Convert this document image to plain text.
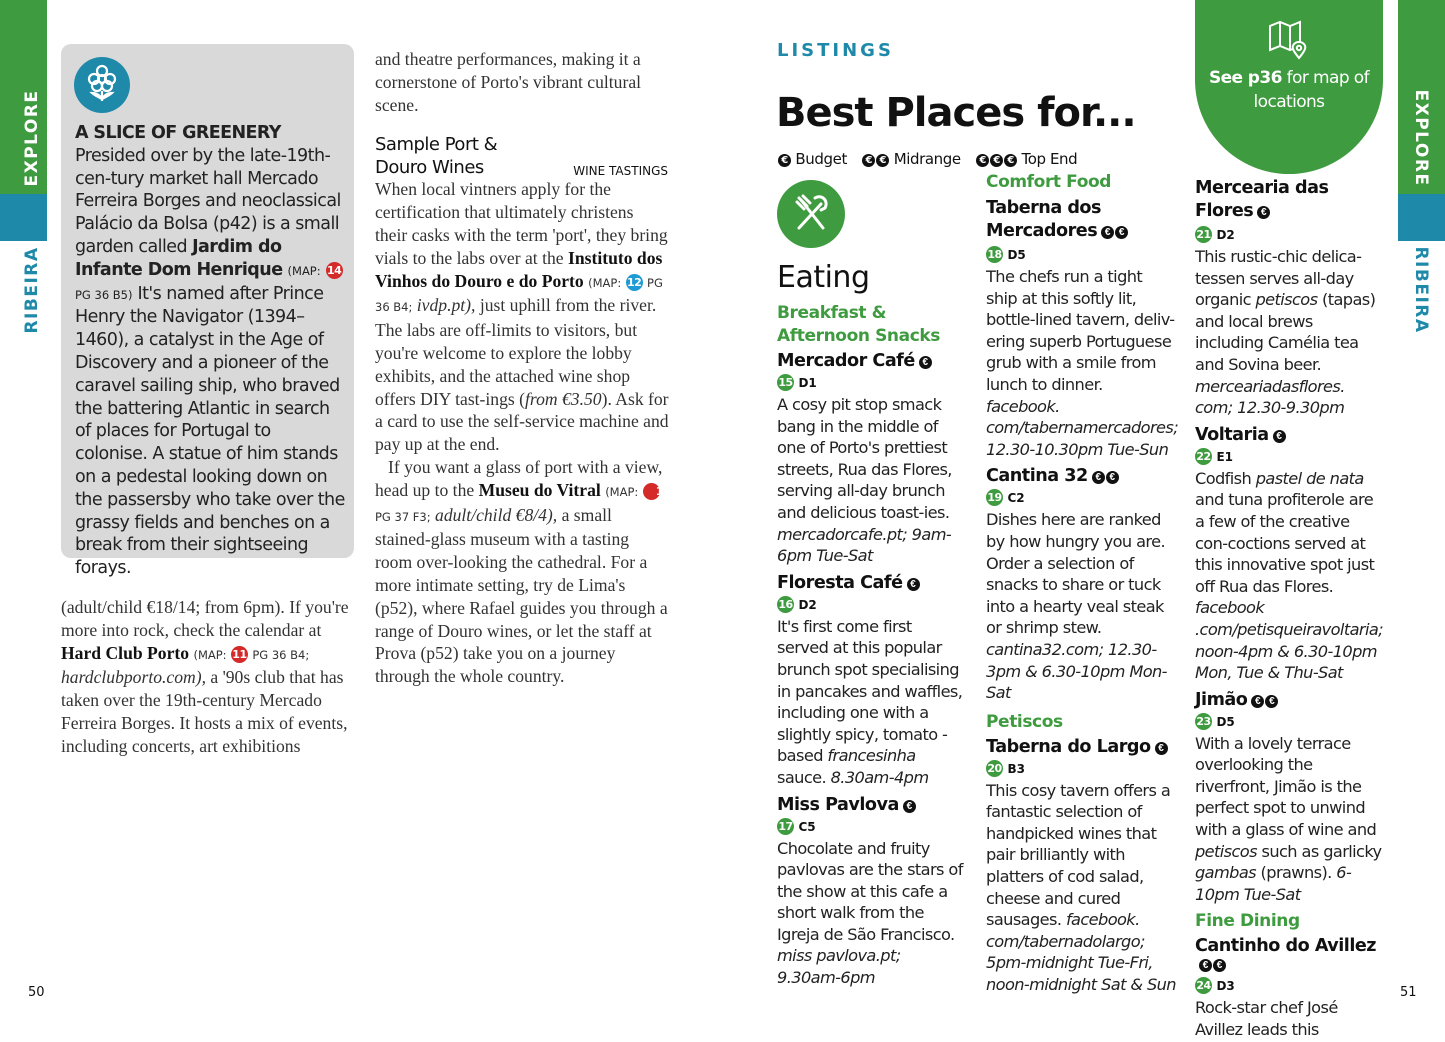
EXPLORE
RIBEIRA
EXPLORE
RIBEIRA
A SLICE OF GREENERY
Presided over by the late-19th-cen-tury market hall Mercado Ferreira Borges and neoclassical Palácio da Bolsa (p42) is a small garden called Jardim do Infante Dom Henrique (MAP: 14 PG 36 B5) It's named after Prince Henry the Navigator (1394–1460), a catalyst in the Age of Discovery and a pioneer of the caravel sailing ship, who braved the battering Atlantic in search of places for Portugal to colonise. A statue of him stands on a pedestal looking down on the passersby who take over the grassy fields and benches on a break from their sightseeing forays.
(adult/child €18/14; from 6pm). If you're more into rock, check the calendar at Hard Club Porto (MAP: 11 PG 36 B4; hardclubporto.com), a '90s club that has taken over the 19th-century Mercado Ferreira Borges. It hosts a mix of events, including concerts, art exhibitions
and theatre performances, making it a cornerstone of Porto's vibrant cultural scene.
Sample Port & Douro Wines	WINE TASTINGS
When local vintners apply for the certification that ultimately christens their casks with the term 'port', they bring vials to the labs over at the Instituto dos Vinhos do Douro e do Porto (MAP: 12 PG 36 B4; ivdp.pt), just uphill from the river. The labs are off-limits to visitors, but you're welcome to explore the lobby exhibits, and the attached wine shop offers DIY tast-ings (from €3.50). Ask for a card to use the self-service machine and pay up at the end.
If you want a glass of port with a view, head up to the Museu do Vitral (MAP: 13 PG 37 F3; adult/child €8/4), a small stained-glass museum with a tasting room over-looking the cathedral. For a more intimate setting, try de Lima's (p52), where Rafael guides you through a range of Douro wines, or let the staff at Prova (p52) take you on a journey through the whole country.
50
LISTINGS
Best Places for...
See p36 for map of locations
€ Budget € € Midrange € € € Top End
Eating
Breakfast & Afternoon Snacks
Mercador Café €
15 D1
A cosy pit stop smack bang in the middle of one of Porto's prettiest streets, Rua das Flores, serving all-day brunch and delicious toast-ies. mercadorcafe.pt; 9am-6pm Tue-Sat
Floresta Café €
16 D2
It's first come first served at this popular brunch spot specialising in pancakes and waffles, including one with a slightly spicy, tomato -based francesinha sauce. 8.30am-4pm
Miss Pavlova €
17 C5
Chocolate and fruity pavlovas are the stars of the show at this cafe a short walk from the Igreja de São Francisco. miss pavlova.pt; 9.30am-6pm
Comfort Food
Taberna dos Mercadores € €
18 D5
The chefs run a tight ship at this softly lit, bottle-lined tavern, deliv-ering superb Portuguese grub with a smile from lunch to dinner. facebook. com/tabernamercadores; 12.30-10.30pm Tue-Sun
Cantina 32 € €
19 C2
Dishes here are ranked by how hungry you are. Order a selection of snacks to share or tuck into a hearty veal steak or shrimp stew. cantina32.com; 12.30-3pm & 6.30-10pm Mon-Sat
Petiscos
Taberna do Largo €
20 B3
This cosy tavern offers a fantastic selection of handpicked wines that pair brilliantly with platters of cod salad, cheese and cured sausages. facebook. com/tabernadolargo; 5pm-midnight Tue-Fri, noon-midnight Sat & Sun
Mercearia das Flores €
21 D2
This rustic-chic delica-tessen serves all-day organic petiscos (tapas) and local brews including Camélia tea and Sovina beer. merceariadasflores. com; 12.30-9.30pm
Voltaria €
22 E1
Codfish pastel de nata and tuna profiterole are a few of the creative con-coctions served at this innovative spot just off Rua das Flores. facebook .com/petisqueiravoltaria; noon-4pm & 6.30-10pm Mon, Tue & Thu-Sat
Jimão € €
23 D5
With a lovely terrace overlooking the riverfront, Jimão is the perfect spot to unwind with a glass of wine and petiscos such as garlicky gambas (prawns). 6-10pm Tue-Sat
Fine Dining
Cantinho do Avillez€ €
24 D3
Rock-star chef José Avillez leads this
51
